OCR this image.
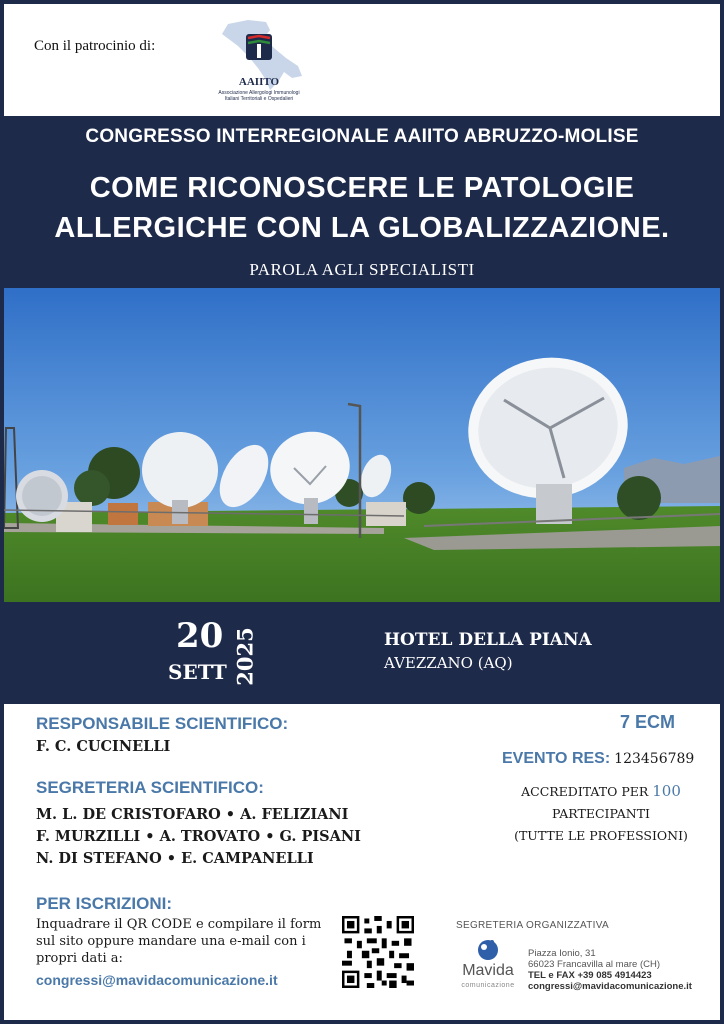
Con il patrocinio di:
AAIITO
Associazione Allergologi Immunologi
Italiani Territoriali e Ospedalieri
CONGRESSO INTERREGIONALE AAIITO ABRUZZO-MOLISE
COME RICONOSCERE LE PATOLOGIE
ALLERGICHE CON LA GLOBALIZZAZIONE.
PAROLA AGLI SPECIALISTI
20
SETT 2025	HOTEL DELLA PIANA
AVEZZANO (AQ)
RESPONSABILE SCIENTIFICO:
F. C. CUCINELLI
SEGRETERIA SCIENTIFICO:
M. L. DE CRISTOFARO • A. FELIZIANI
F. MURZILLI • A. TROVATO • G. PISANI
N. DI STEFANO • E. CAMPANELLI
7 ECM
EVENTO RES: 123456789
ACCREDITATO PER 100
PARTECIPANTI
(TUTTE LE PROFESSIONI)
PER ISCRIZIONI:
Inquadrare il QR CODE e compilare il form sul sito oppure mandare una e-mail con i propri dati a:
congressi@mavidacomunicazione.it
SEGRETERIA ORGANIZZATIVA
Mavida
comunicazione
Piazza Ionio, 31
66023 Francavilla al mare (CH)
TEL e FAX +39 085 4914423
congressi@mavidacomunicazione.it
